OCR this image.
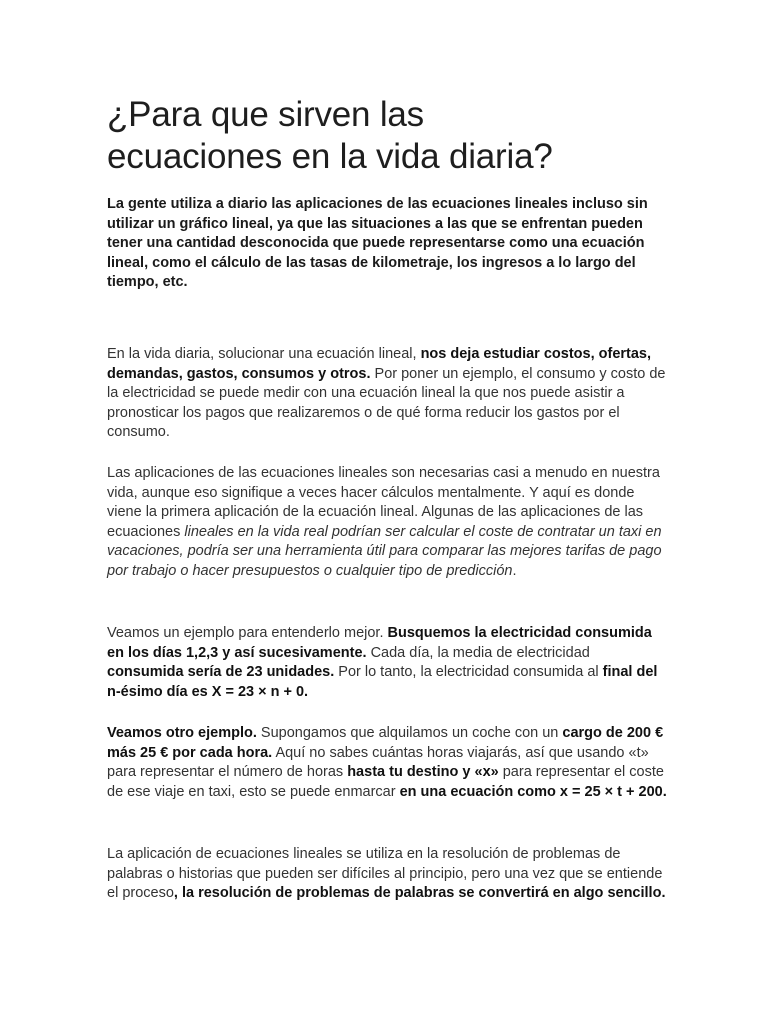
¿Para que sirven las
ecuaciones en la vida diaria?

La gente utiliza a diario las aplicaciones de las ecuaciones lineales incluso sin utilizar un gráfico lineal, ya que las situaciones a las que se enfrentan pueden tener una cantidad desconocida que puede representarse como una ecuación lineal, como el cálculo de las tasas de kilometraje, los ingresos a lo largo del tiempo, etc.

En la vida diaria, solucionar una ecuación lineal, nos deja estudiar costos, ofertas, demandas, gastos, consumos y otros. Por poner un ejemplo, el consumo y costo de la electricidad se puede medir con una ecuación lineal la que nos puede asistir a pronosticar los pagos que realizaremos o de qué forma reducir los gastos por el consumo.

Las aplicaciones de las ecuaciones lineales son necesarias casi a menudo en nuestra vida, aunque eso signifique a veces hacer cálculos mentalmente. Y aquí es donde viene la primera aplicación de la ecuación lineal. Algunas de las aplicaciones de las ecuaciones lineales en la vida real podrían ser calcular el coste de contratar un taxi en vacaciones, podría ser una herramienta útil para comparar las mejores tarifas de pago por trabajo o hacer presupuestos o cualquier tipo de predicción.

Veamos un ejemplo para entenderlo mejor. Busquemos la electricidad consumida en los días 1,2,3 y así sucesivamente. Cada día, la media de electricidad consumida sería de 23 unidades. Por lo tanto, la electricidad consumida al final del n-ésimo día es X = 23 × n + 0.

Veamos otro ejemplo. Supongamos que alquilamos un coche con un cargo de 200 € más 25 € por cada hora. Aquí no sabes cuántas horas viajarás, así que usando «t» para representar el número de horas hasta tu destino y «x» para representar el coste de ese viaje en taxi, esto se puede enmarcar en una ecuación como x = 25 × t + 200.

La aplicación de ecuaciones lineales se utiliza en la resolución de problemas de palabras o historias que pueden ser difíciles al principio, pero una vez que se entiende el proceso, la resolución de problemas de palabras se convertirá en algo sencillo.
